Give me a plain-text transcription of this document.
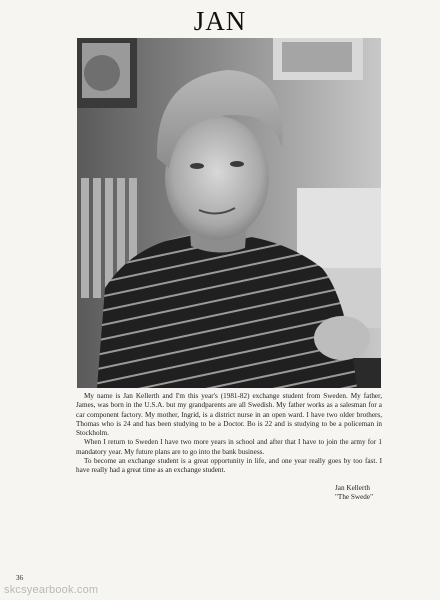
JAN

My name is Jan Kellerth and I'm this year's (1981-82) exchange student from Sweden. My father, James, was born in the U.S.A. but my grandparents are all Swedish. My father works as a salesman for a car component factory. My mother, Ingrid, is a district nurse in an open ward. I have two older brothers, Thomas who is 24 and has been studying to be a Doctor. Bo is 22 and is studying to be a policeman in Stockholm.

When I return to Sweden I have two more years in school and after that I have to join the army for 1 mandatory year. My future plans are to go into the bank business.

To become an exchange student is a great opportunity in life, and one year really goes by too fast. I have really had a great time as an exchange student.

Jan Kellerth
"The Swede"
36
skcsyearbook.com
